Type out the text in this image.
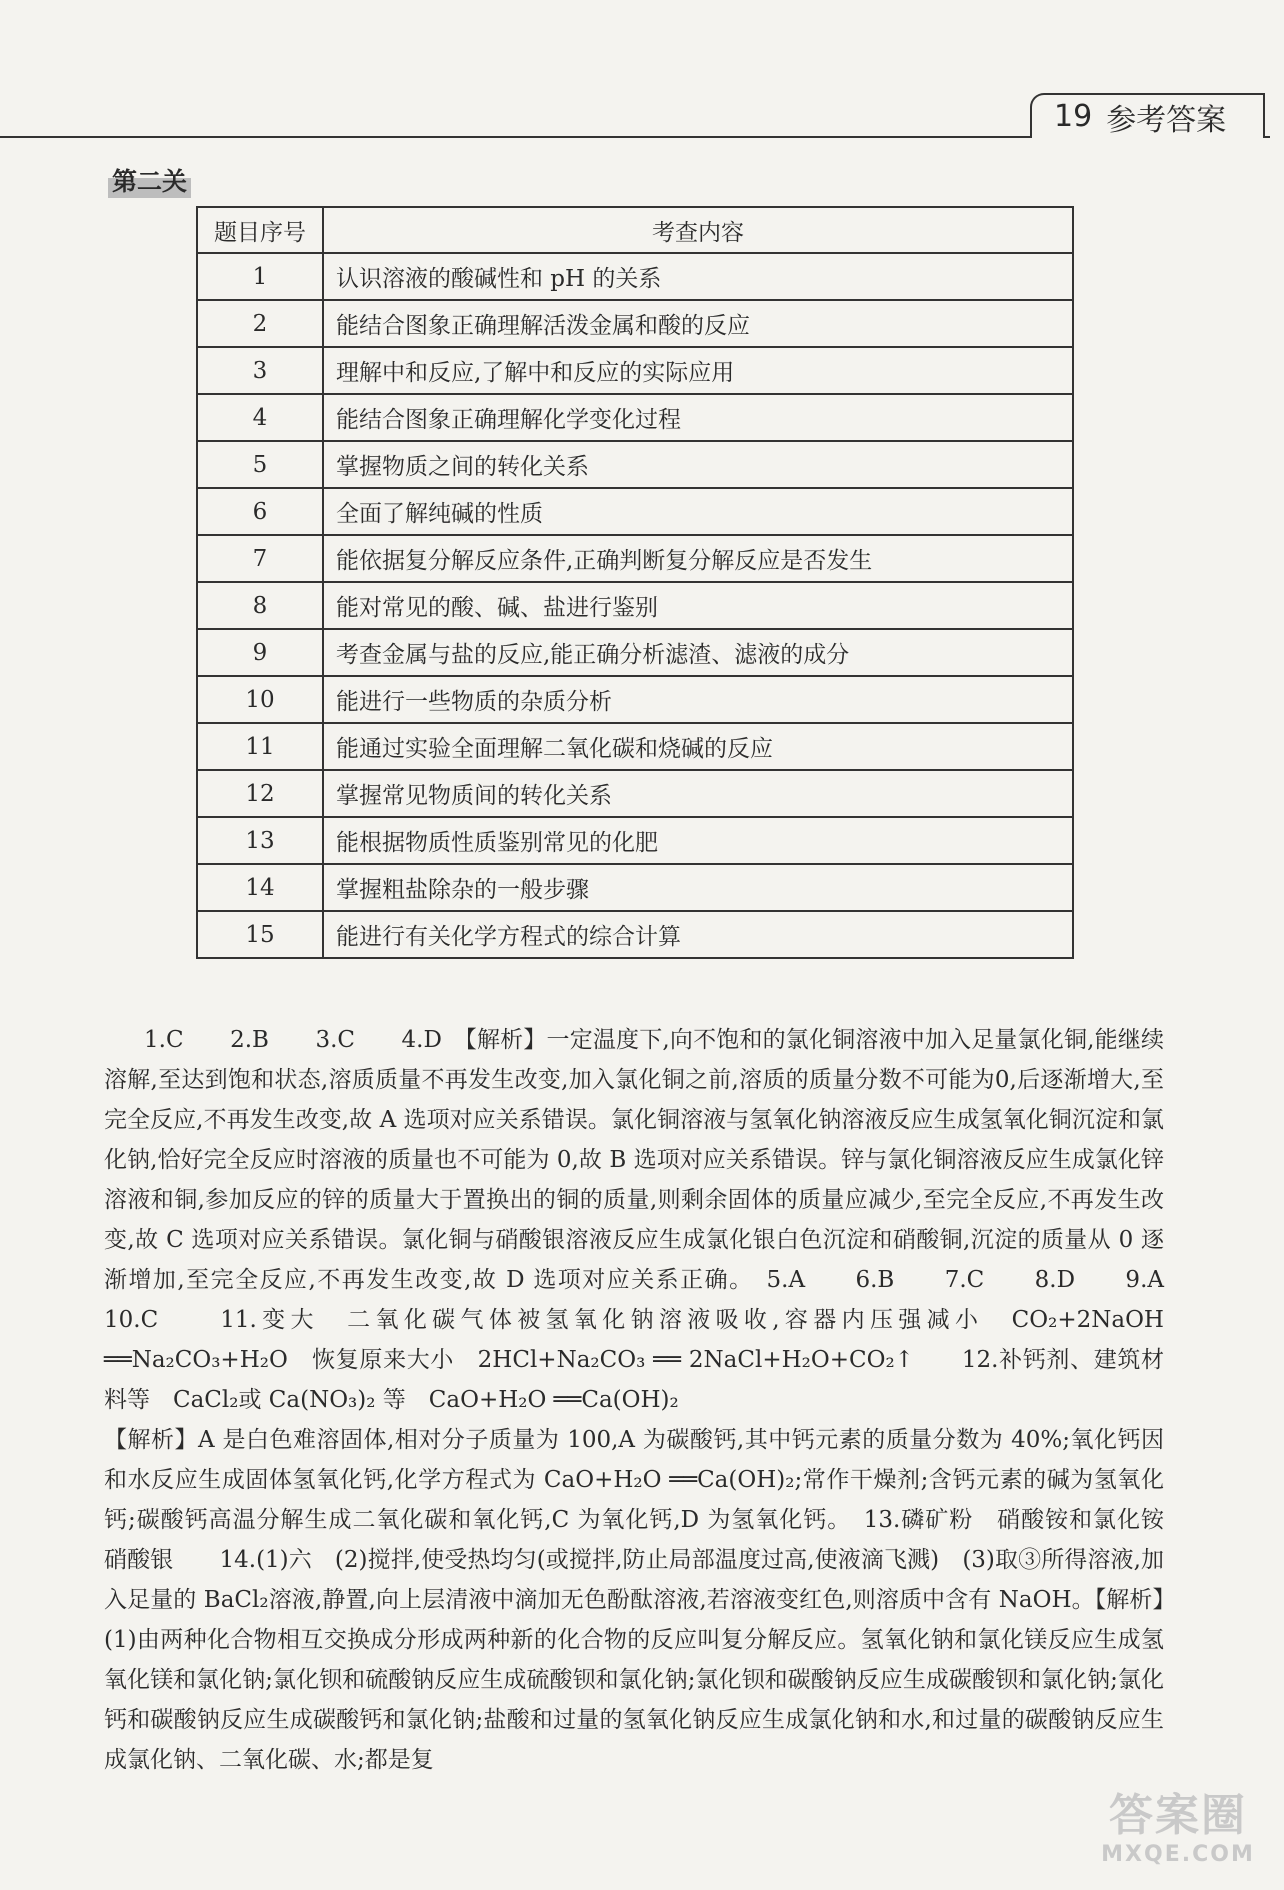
19 参考答案
第二关
题目序号	考查内容
1	认识溶液的酸碱性和 pH 的关系
2	能结合图象正确理解活泼金属和酸的反应
3	理解中和反应,了解中和反应的实际应用
4	能结合图象正确理解化学变化过程
5	掌握物质之间的转化关系
6	全面了解纯碱的性质
7	能依据复分解反应条件,正确判断复分解反应是否发生
8	能对常见的酸、碱、盐进行鉴别
9	考查金属与盐的反应,能正确分析滤渣、滤液的成分
10	能进行一些物质的杂质分析
11	能通过实验全面理解二氧化碳和烧碱的反应
12	掌握常见物质间的转化关系
13	能根据物质性质鉴别常见的化肥
14	掌握粗盐除杂的一般步骤
15	能进行有关化学方程式的综合计算

1.C　　2.B　　3.C　　4.D　【解析】一定温度下,向不饱和的氯化铜溶液中加入足量氯化铜,能继续溶解,至达到饱和状态,溶质质量不再发生改变,加入氯化铜之前,溶质的质量分数不可能为0,后逐渐增大,至完全反应,不再发生改变,故 A 选项对应关系错误。氯化铜溶液与氢氧化钠溶液反应生成氢氧化铜沉淀和氯化钠,恰好完全反应时溶液的质量也不可能为 0,故 B 选项对应关系错误。锌与氯化铜溶液反应生成氯化锌溶液和铜,参加反应的锌的质量大于置换出的铜的质量,则剩余固体的质量应减少,至完全反应,不再发生改变,故 C 选项对应关系错误。氯化铜与硝酸银溶液反应生成氯化银白色沉淀和硝酸铜,沉淀的质量从 0 逐渐增加,至完全反应,不再发生改变,故 D 选项对应关系正确。　5.A　　6.B　　7.C　　8.D　　9.A　　10.C　　11.变大　二氧化碳气体被氢氧化钠溶液吸收,容器内压强减小　CO₂+2NaOH ══Na₂CO₃+H₂O　恢复原来大小　2HCl+Na₂CO₃ ══ 2NaCl+H₂O+CO₂↑　　12.补钙剂、建筑材料等　CaCl₂或 Ca(NO₃)₂ 等　CaO+H₂O ══Ca(OH)₂

【解析】A 是白色难溶固体,相对分子质量为 100,A 为碳酸钙,其中钙元素的质量分数为 40%;氧化钙因和水反应生成固体氢氧化钙,化学方程式为 CaO+H₂O ══Ca(OH)₂;常作干燥剂;含钙元素的碱为氢氧化钙;碳酸钙高温分解生成二氧化碳和氧化钙,C 为氧化钙,D 为氢氧化钙。　13.磷矿粉　硝酸铵和氯化铵　硝酸银　　14.(1)六　(2)搅拌,使受热均匀(或搅拌,防止局部温度过高,使液滴飞溅)　(3)取③所得溶液,加入足量的 BaCl₂溶液,静置,向上层清液中滴加无色酚酞溶液,若溶液变红色,则溶质中含有 NaOH。【解析】(1)由两种化合物相互交换成分形成两种新的化合物的反应叫复分解反应。氢氧化钠和氯化镁反应生成氢氧化镁和氯化钠;氯化钡和硫酸钠反应生成硫酸钡和氯化钠;氯化钡和碳酸钠反应生成碳酸钡和氯化钠;氯化钙和碳酸钠反应生成碳酸钙和氯化钠;盐酸和过量的氢氧化钠反应生成氯化钠和水,和过量的碳酸钠反应生成氯化钠、二氧化碳、水;都是复

答案圈
MXQE.COM
